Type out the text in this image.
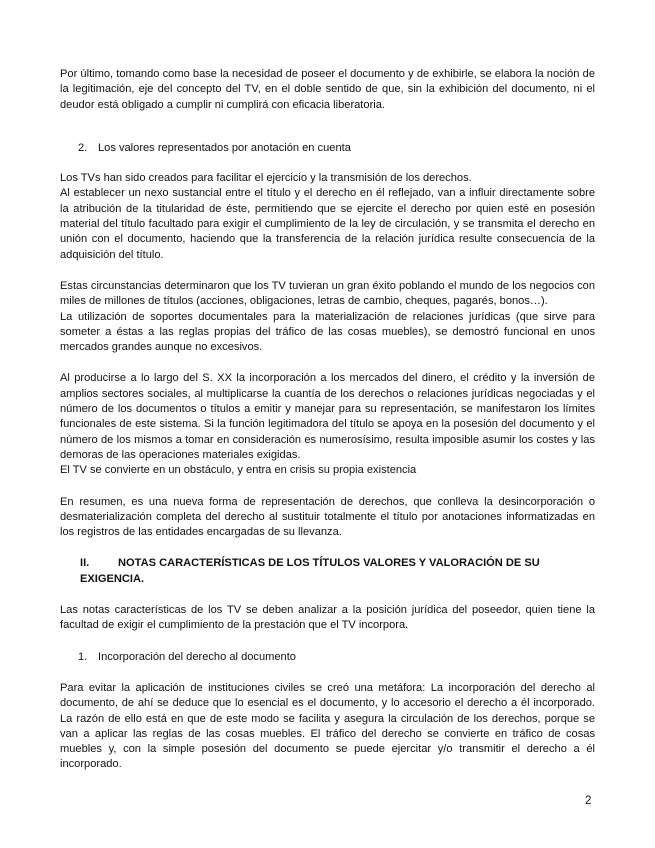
Por último, tomando como base la necesidad de poseer el documento y de exhibirle, se elabora la noción de la legitimación, eje del concepto del TV, en el doble sentido de que, sin la exhibición del documento, ni el deudor está obligado a cumplir ni cumplirá con eficacia liberatoria.

2. Los valores representados por anotación en cuenta

Los TVs han sido creados para facilitar el ejercicio y la transmisión de los derechos.
Al establecer un nexo sustancial entre el título y el derecho en él reflejado, van a influir directamente sobre la atribución de la titularidad de éste, permitiendo que se ejercite el derecho por quien esté en posesión material del título facultado para exigir el cumplimiento de la ley de circulación, y se transmita el derecho en unión con el documento, haciendo que la transferencia de la relación jurídica resulte consecuencia de la adquisición del título.

Estas circunstancias determinaron que los TV tuvieran un gran éxito poblando el mundo de los negocios con miles de millones de títulos (acciones, obligaciones, letras de cambio, cheques, pagarés, bonos…).
La utilización de soportes documentales para la materialización de relaciones jurídicas (que sirve para someter a éstas a las reglas propias del tráfico de las cosas muebles), se demostró funcional en unos mercados grandes aunque no excesivos.

Al producirse a lo largo del S. XX la incorporación a los mercados del dinero, el crédito y la inversión de amplios sectores sociales, al multiplicarse la cuantía de los derechos o relaciones jurídicas negociadas y el número de los documentos o títulos a emitir y manejar para su representación, se manifestaron los límites funcionales de este sistema. Si la función legitimadora del título se apoya en la posesión del documento y el número de los mismos a tomar en consideración es numerosísimo, resulta imposible asumir los costes y las demoras de las operaciones materiales exigidas.
El TV se convierte en un obstáculo, y entra en crisis su propia existencia

En resumen, es una nueva forma de representación de derechos, que conlleva la desincorporación o desmaterialización completa del derecho al sustituir totalmente el título por anotaciones informatizadas en los registros de las entidades encargadas de su llevanza.

II.	NOTAS CARACTERÍSTICAS DE LOS TÍTULOS VALORES Y VALORACIÓN DE SU EXIGENCIA.

Las notas características de los TV se deben analizar a la posición jurídica del poseedor, quien tiene la facultad de exigir el cumplimiento de la prestación que el TV incorpora.

1. Incorporación del derecho al documento

Para evitar la aplicación de instituciones civiles se creó una metáfora: La incorporación del derecho al documento, de ahí se deduce que lo esencial es el documento, y lo accesorio el derecho a él incorporado. La razón de ello está en que de este modo se facilita y asegura la circulación de los derechos, porque se van a aplicar las reglas de las cosas muebles. El tráfico del derecho se convierte en tráfico de cosas muebles y, con la simple posesión del documento se puede ejercitar y/o transmitir el derecho a él incorporado.

2
